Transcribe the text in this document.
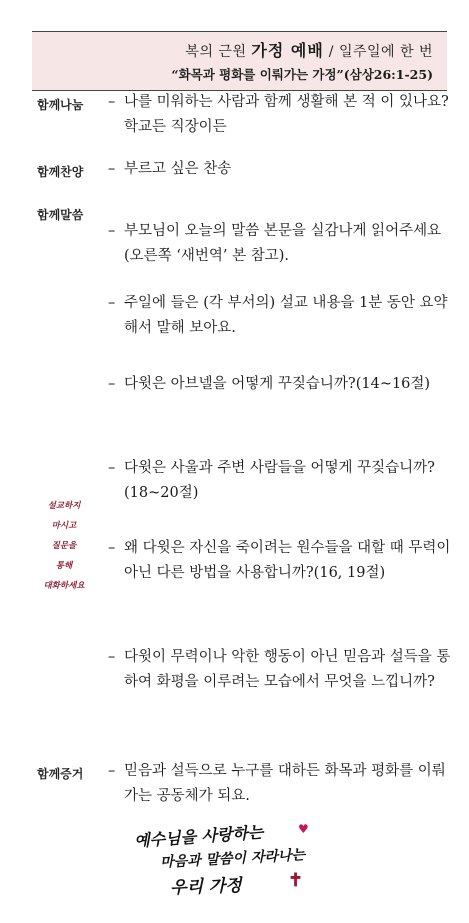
복의 근원 가정 예배 / 일주일에 한 번
“화목과 평화를 이뤄가는 가정”(삼상26:1-25)
함께나눔 – 나를 미워하는 사람과 함께 생활해 본 적 이 있나요? 학교든 직장이든
함께찬양 – 부르고 싶은 찬송
함께말씀
– 부모님이 오늘의 말씀 본문을 실감나게 읽어주세요(오른쪽 ‘새번역’ 본 참고).
– 주일에 들은 (각 부서의) 설교 내용을 1분 동안 요약해서 말해 보아요.
– 다윗은 아브넬을 어떻게 꾸짖습니까?(14~16절)
– 다윗은 사울과 주변 사람들을 어떻게 꾸짖습니까?(18~20절)
– 왜 다윗은 자신을 죽이려는 원수들을 대할 때 무력이 아닌 다른 방법을 사용합니까?(16, 19절)
– 다윗이 무력이나 악한 행동이 아닌 믿음과 설득을 통하여 화평을 이루려는 모습에서 무엇을 느낍니까?
설교하지
마시고
질문을
통해
대화하세요
함께증거 – 믿음과 설득으로 누구를 대하든 화목과 평화를 이뤄가는 공동체가 되요.
예수님을 사랑하는	♥
마음과 말씀이 자라나는
우리 가정	✝
